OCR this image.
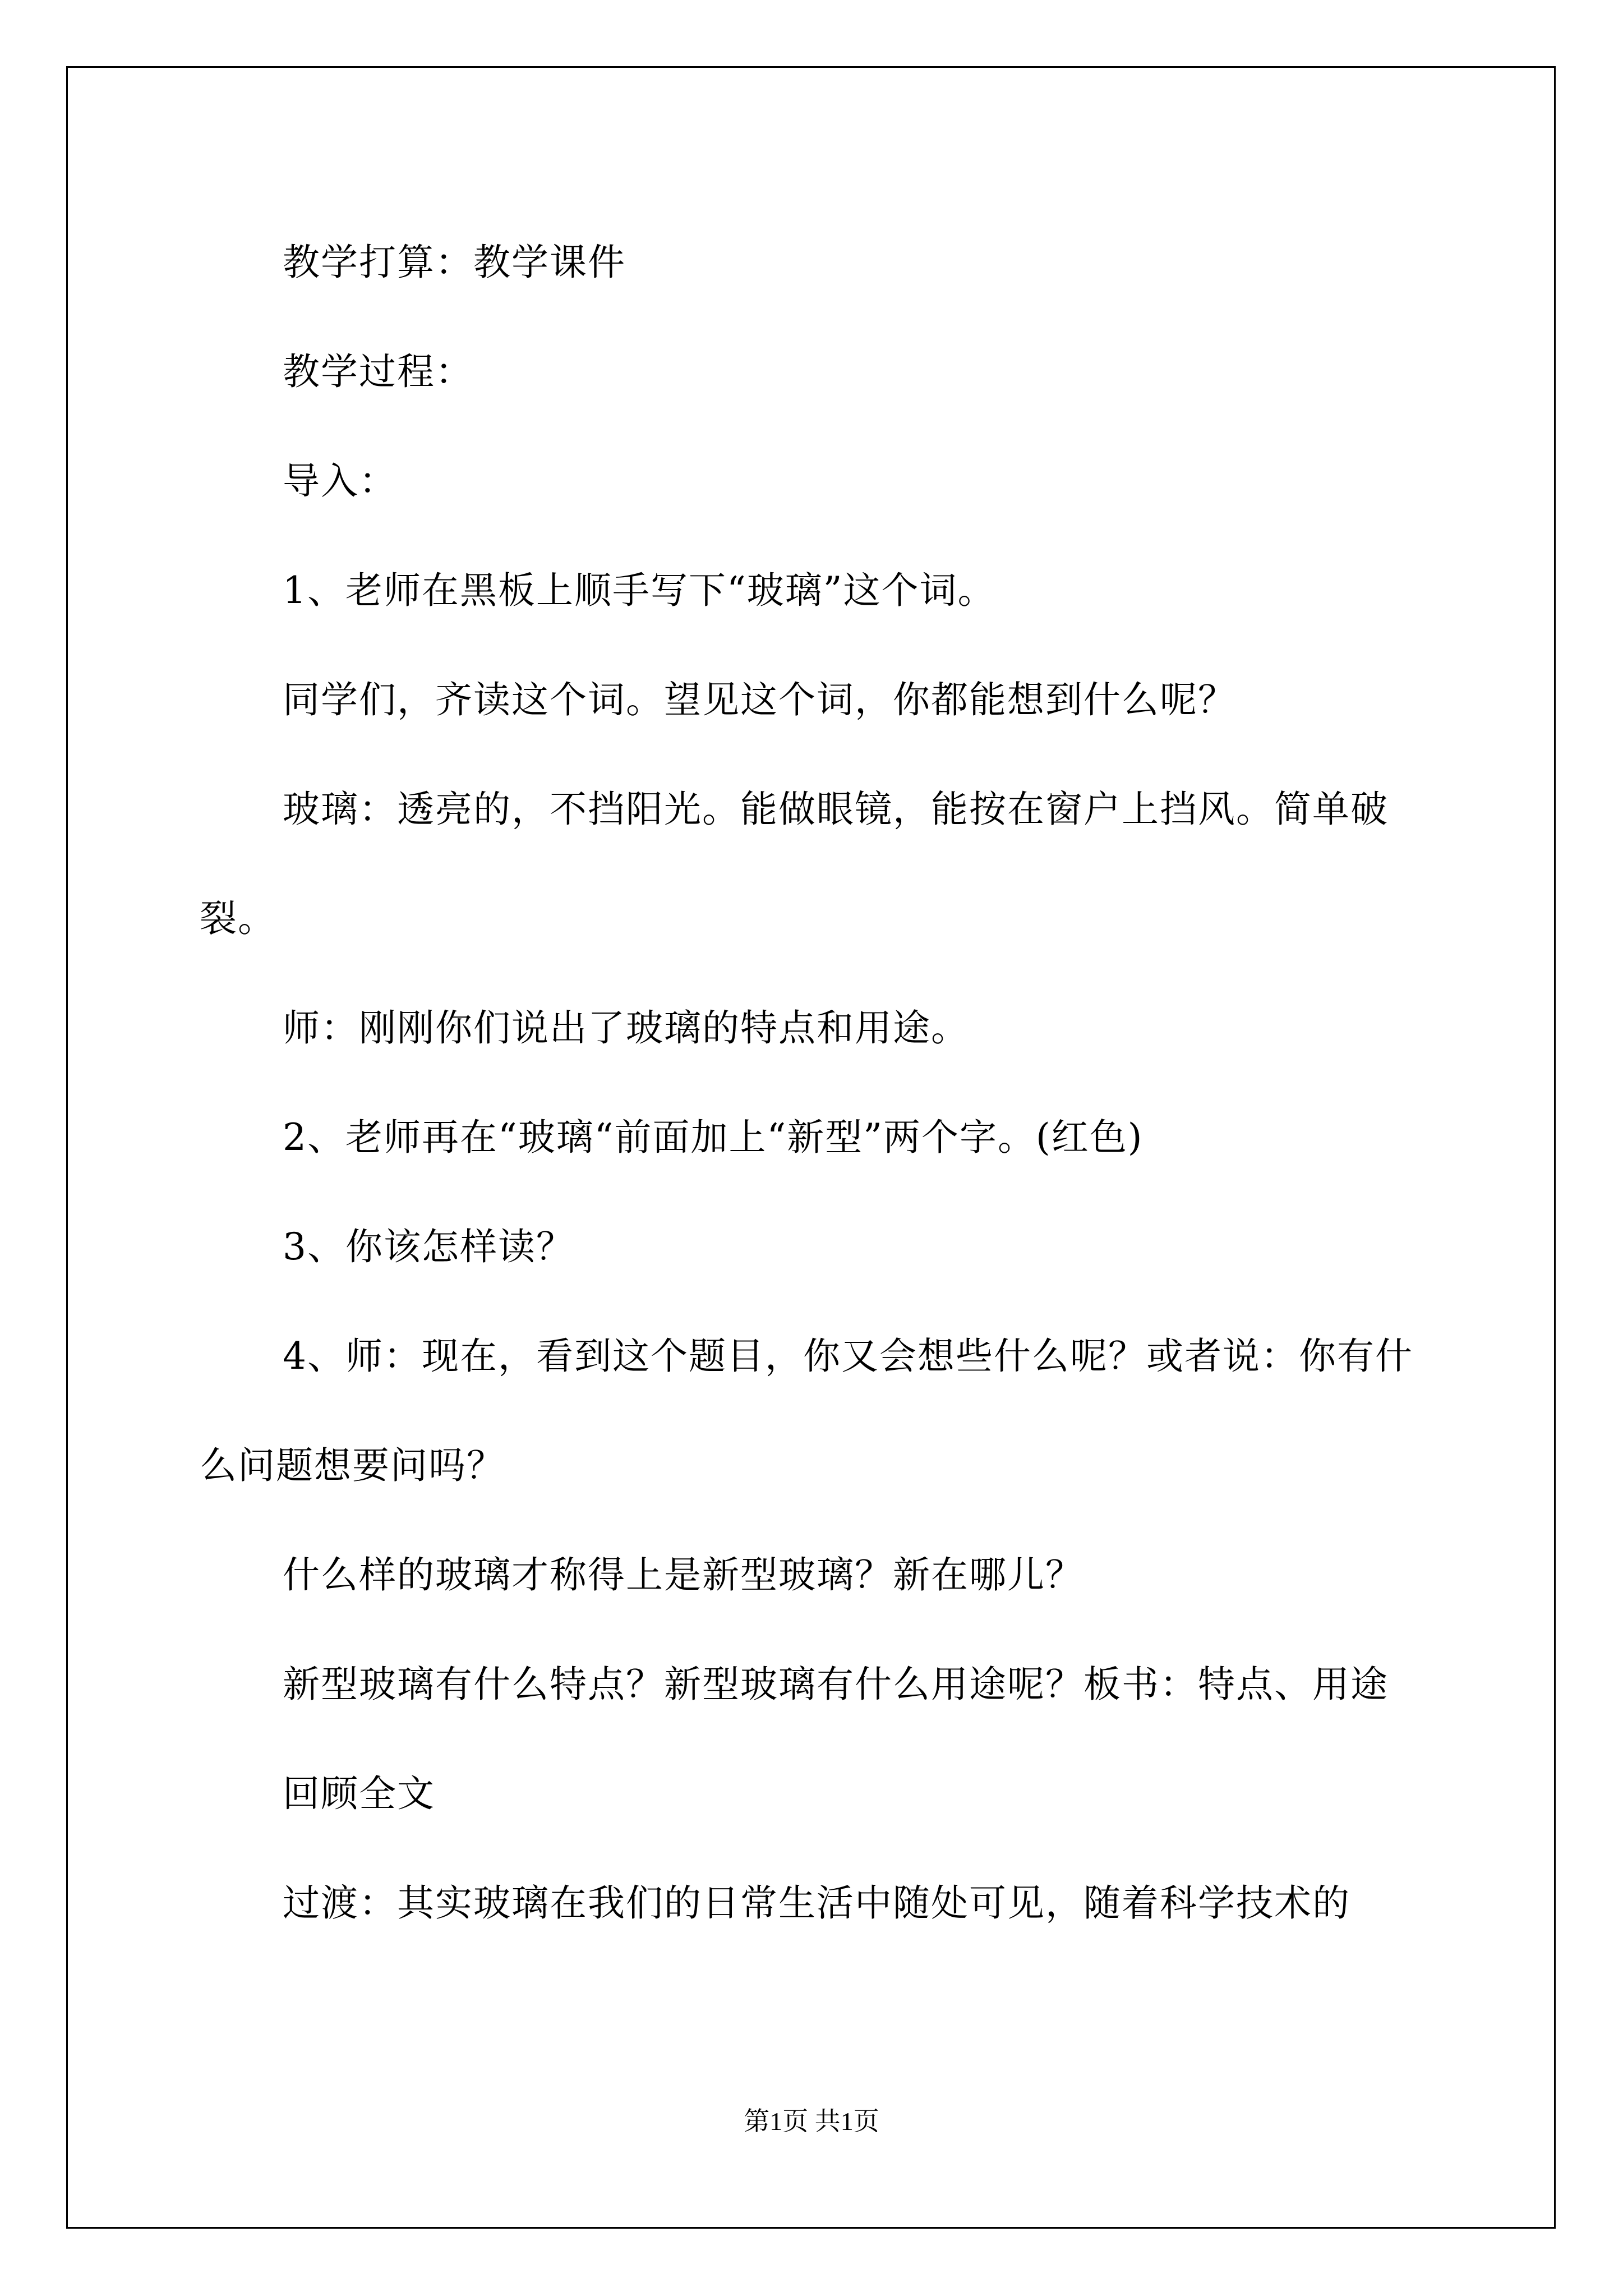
教学打算：教学课件

教学过程：

导入：

1、老师在黑板上顺手写下“玻璃”这个词。

同学们，齐读这个词。望见这个词，你都能想到什么呢？

玻璃：透亮的，不挡阳光。能做眼镜，能按在窗户上挡风。简单破裂。

师：刚刚你们说出了玻璃的特点和用途。

2、老师再在“玻璃“前面加上“新型”两个字。(红色)

3、你该怎样读？

4、师：现在，看到这个题目，你又会想些什么呢？或者说：你有什么问题想要问吗？

什么样的玻璃才称得上是新型玻璃？新在哪儿？

新型玻璃有什么特点？新型玻璃有什么用途呢？板书：特点、用途

回顾全文

过渡：其实玻璃在我们的日常生活中随处可见，随着科学技术的

第1页 共1页
